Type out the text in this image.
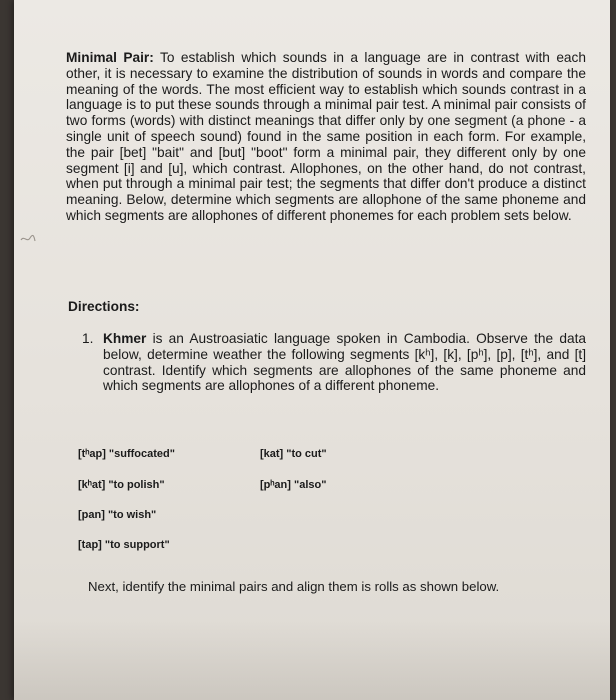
Minimal Pair: To establish which sounds in a language are in contrast with each other, it is necessary to examine the distribution of sounds in words and compare the meaning of the words. The most efficient way to establish which sounds contrast in a language is to put these sounds through a minimal pair test. A minimal pair consists of two forms (words) with distinct meanings that differ only by one segment (a phone - a single unit of speech sound) found in the same position in each form. For example, the pair [bet] "bait" and [but] "boot" form a minimal pair, they different only by one segment [i] and [u], which contrast. Allophones, on the other hand, do not contrast, when put through a minimal pair test; the segments that differ don't produce a distinct meaning. Below, determine which segments are allophone of the same phoneme and which segments are allophones of different phonemes for each problem sets below.

Directions:

1. Khmer is an Austroasiatic language spoken in Cambodia. Observe the data below, determine weather the following segments [kʰ], [k], [pʰ], [p], [tʰ], and [t] contrast. Identify which segments are allophones of the same phoneme and which segments are allophones of a different phoneme.

[tʰap] "suffocated"	[kat] "to cut"
[kʰat] "to polish"	[pʰan] "also"
[pan] "to wish"
[tap] "to support"

Next, identify the minimal pairs and align them is rolls as shown below.
